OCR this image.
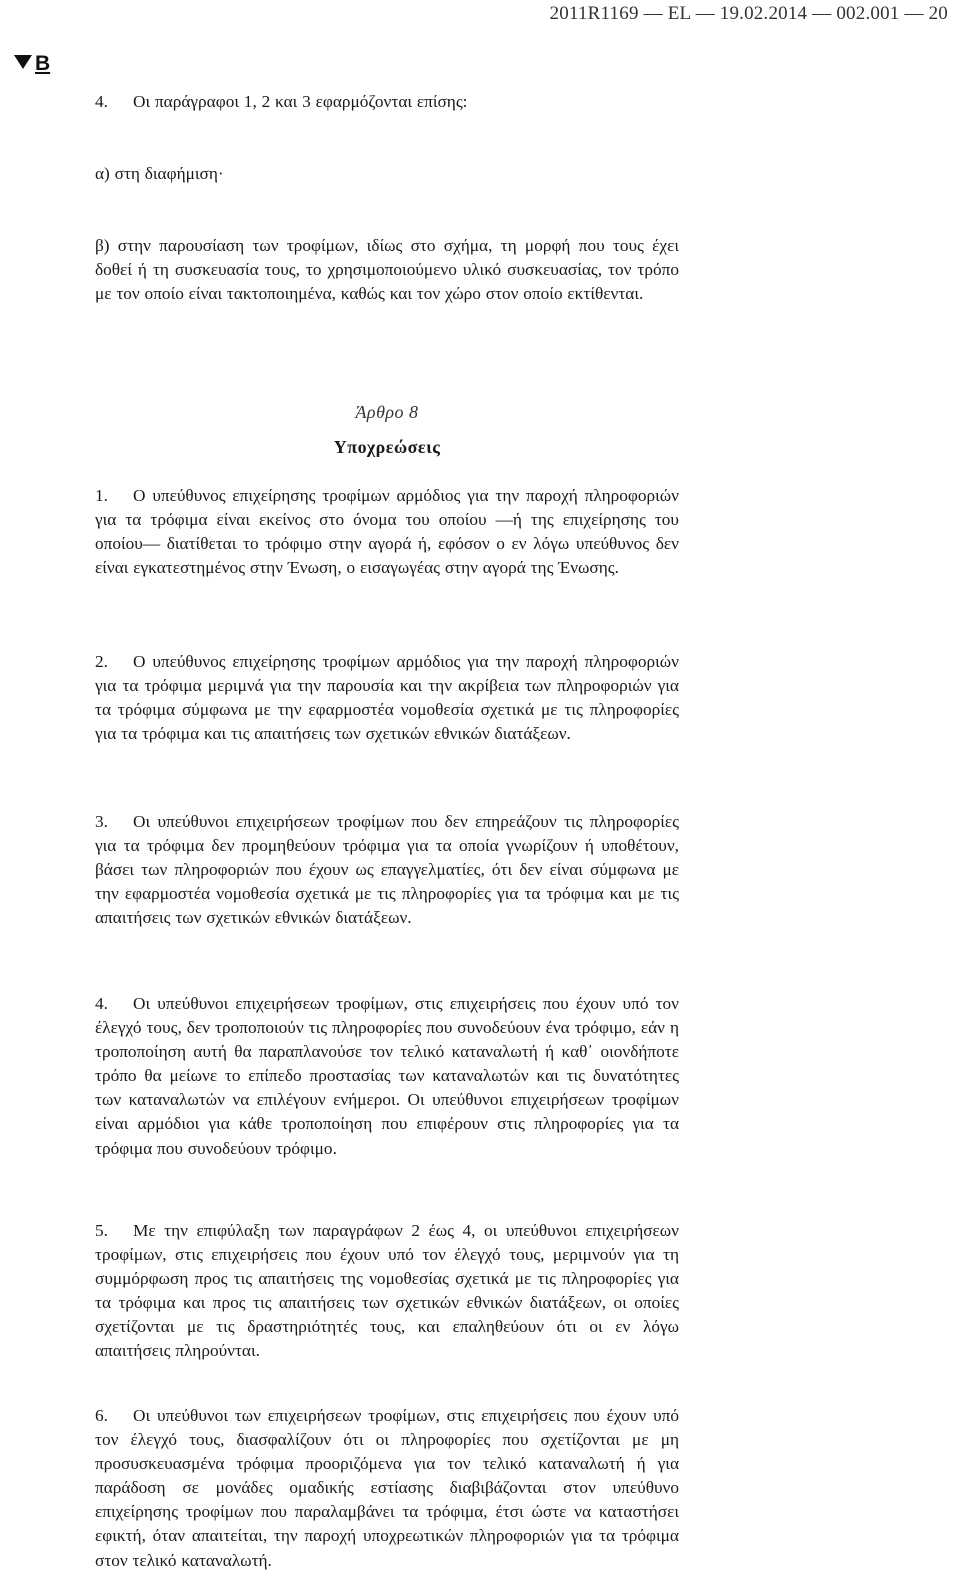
2011R1169 — EL — 19.02.2014 — 002.001 — 20
B
4. Οι παράγραφοι 1, 2 και 3 εφαρμόζονται επίσης:
α) στη διαφήμιση·
β) στην παρουσίαση των τροφίμων, ιδίως στο σχήμα, τη μορφή που τους έχει δοθεί ή τη συσκευασία τους, το χρησιμοποιούμενο υλικό συσκευασίας, τον τρόπο με τον οποίο είναι τακτοποιημένα, καθώς και τον χώρο στον οποίο εκτίθενται.
Άρθρο 8
Υποχρεώσεις
1. Ο υπεύθυνος επιχείρησης τροφίμων αρμόδιος για την παροχή πληροφοριών για τα τρόφιμα είναι εκείνος στο όνομα του οποίου —ή της επιχείρησης του οποίου— διατίθεται το τρόφιμο στην αγορά ή, εφόσον ο εν λόγω υπεύθυνος δεν είναι εγκατεστημένος στην Ένωση, ο εισαγωγέας στην αγορά της Ένωσης.
2. Ο υπεύθυνος επιχείρησης τροφίμων αρμόδιος για την παροχή πληροφοριών για τα τρόφιμα μεριμνά για την παρουσία και την ακρίβεια των πληροφοριών για τα τρόφιμα σύμφωνα με την εφαρμοστέα νομοθεσία σχετικά με τις πληροφορίες για τα τρόφιμα και τις απαιτήσεις των σχετικών εθνικών διατάξεων.
3. Οι υπεύθυνοι επιχειρήσεων τροφίμων που δεν επηρεάζουν τις πληροφορίες για τα τρόφιμα δεν προμηθεύουν τρόφιμα για τα οποία γνωρίζουν ή υποθέτουν, βάσει των πληροφοριών που έχουν ως επαγγελματίες, ότι δεν είναι σύμφωνα με την εφαρμοστέα νομοθεσία σχετικά με τις πληροφορίες για τα τρόφιμα και με τις απαιτήσεις των σχετικών εθνικών διατάξεων.
4. Οι υπεύθυνοι επιχειρήσεων τροφίμων, στις επιχειρήσεις που έχουν υπό τον έλεγχό τους, δεν τροποποιούν τις πληροφορίες που συνοδεύουν ένα τρόφιμο, εάν η τροποποίηση αυτή θα παραπλανούσε τον τελικό καταναλωτή ή καθ᾽ οιονδήποτε τρόπο θα μείωνε το επίπεδο προστασίας των καταναλωτών και τις δυνατότητες των καταναλωτών να επιλέγουν ενήμεροι. Οι υπεύθυνοι επιχειρήσεων τροφίμων είναι αρμόδιοι για κάθε τροποποίηση που επιφέρουν στις πληροφορίες για τα τρόφιμα που συνοδεύουν τρόφιμο.
5. Με την επιφύλαξη των παραγράφων 2 έως 4, οι υπεύθυνοι επιχειρήσεων τροφίμων, στις επιχειρήσεις που έχουν υπό τον έλεγχό τους, μεριμνούν για τη συμμόρφωση προς τις απαιτήσεις της νομοθεσίας σχετικά με τις πληροφορίες για τα τρόφιμα και προς τις απαιτήσεις των σχετικών εθνικών διατάξεων, οι οποίες σχετίζονται με τις δραστηριότητές τους, και επαληθεύουν ότι οι εν λόγω απαιτήσεις πληρούνται.
6. Οι υπεύθυνοι των επιχειρήσεων τροφίμων, στις επιχειρήσεις που έχουν υπό τον έλεγχό τους, διασφαλίζουν ότι οι πληροφορίες που σχετίζονται με μη προσυσκευασμένα τρόφιμα προοριζόμενα για τον τελικό καταναλωτή ή για παράδοση σε μονάδες ομαδικής εστίασης διαβιβάζονται στον υπεύθυνο επιχείρησης τροφίμων που παραλαμβάνει τα τρόφιμα, έτσι ώστε να καταστήσει εφικτή, όταν απαιτείται, την παροχή υποχρεωτικών πληροφοριών για τα τρόφιμα στον τελικό καταναλωτή.
